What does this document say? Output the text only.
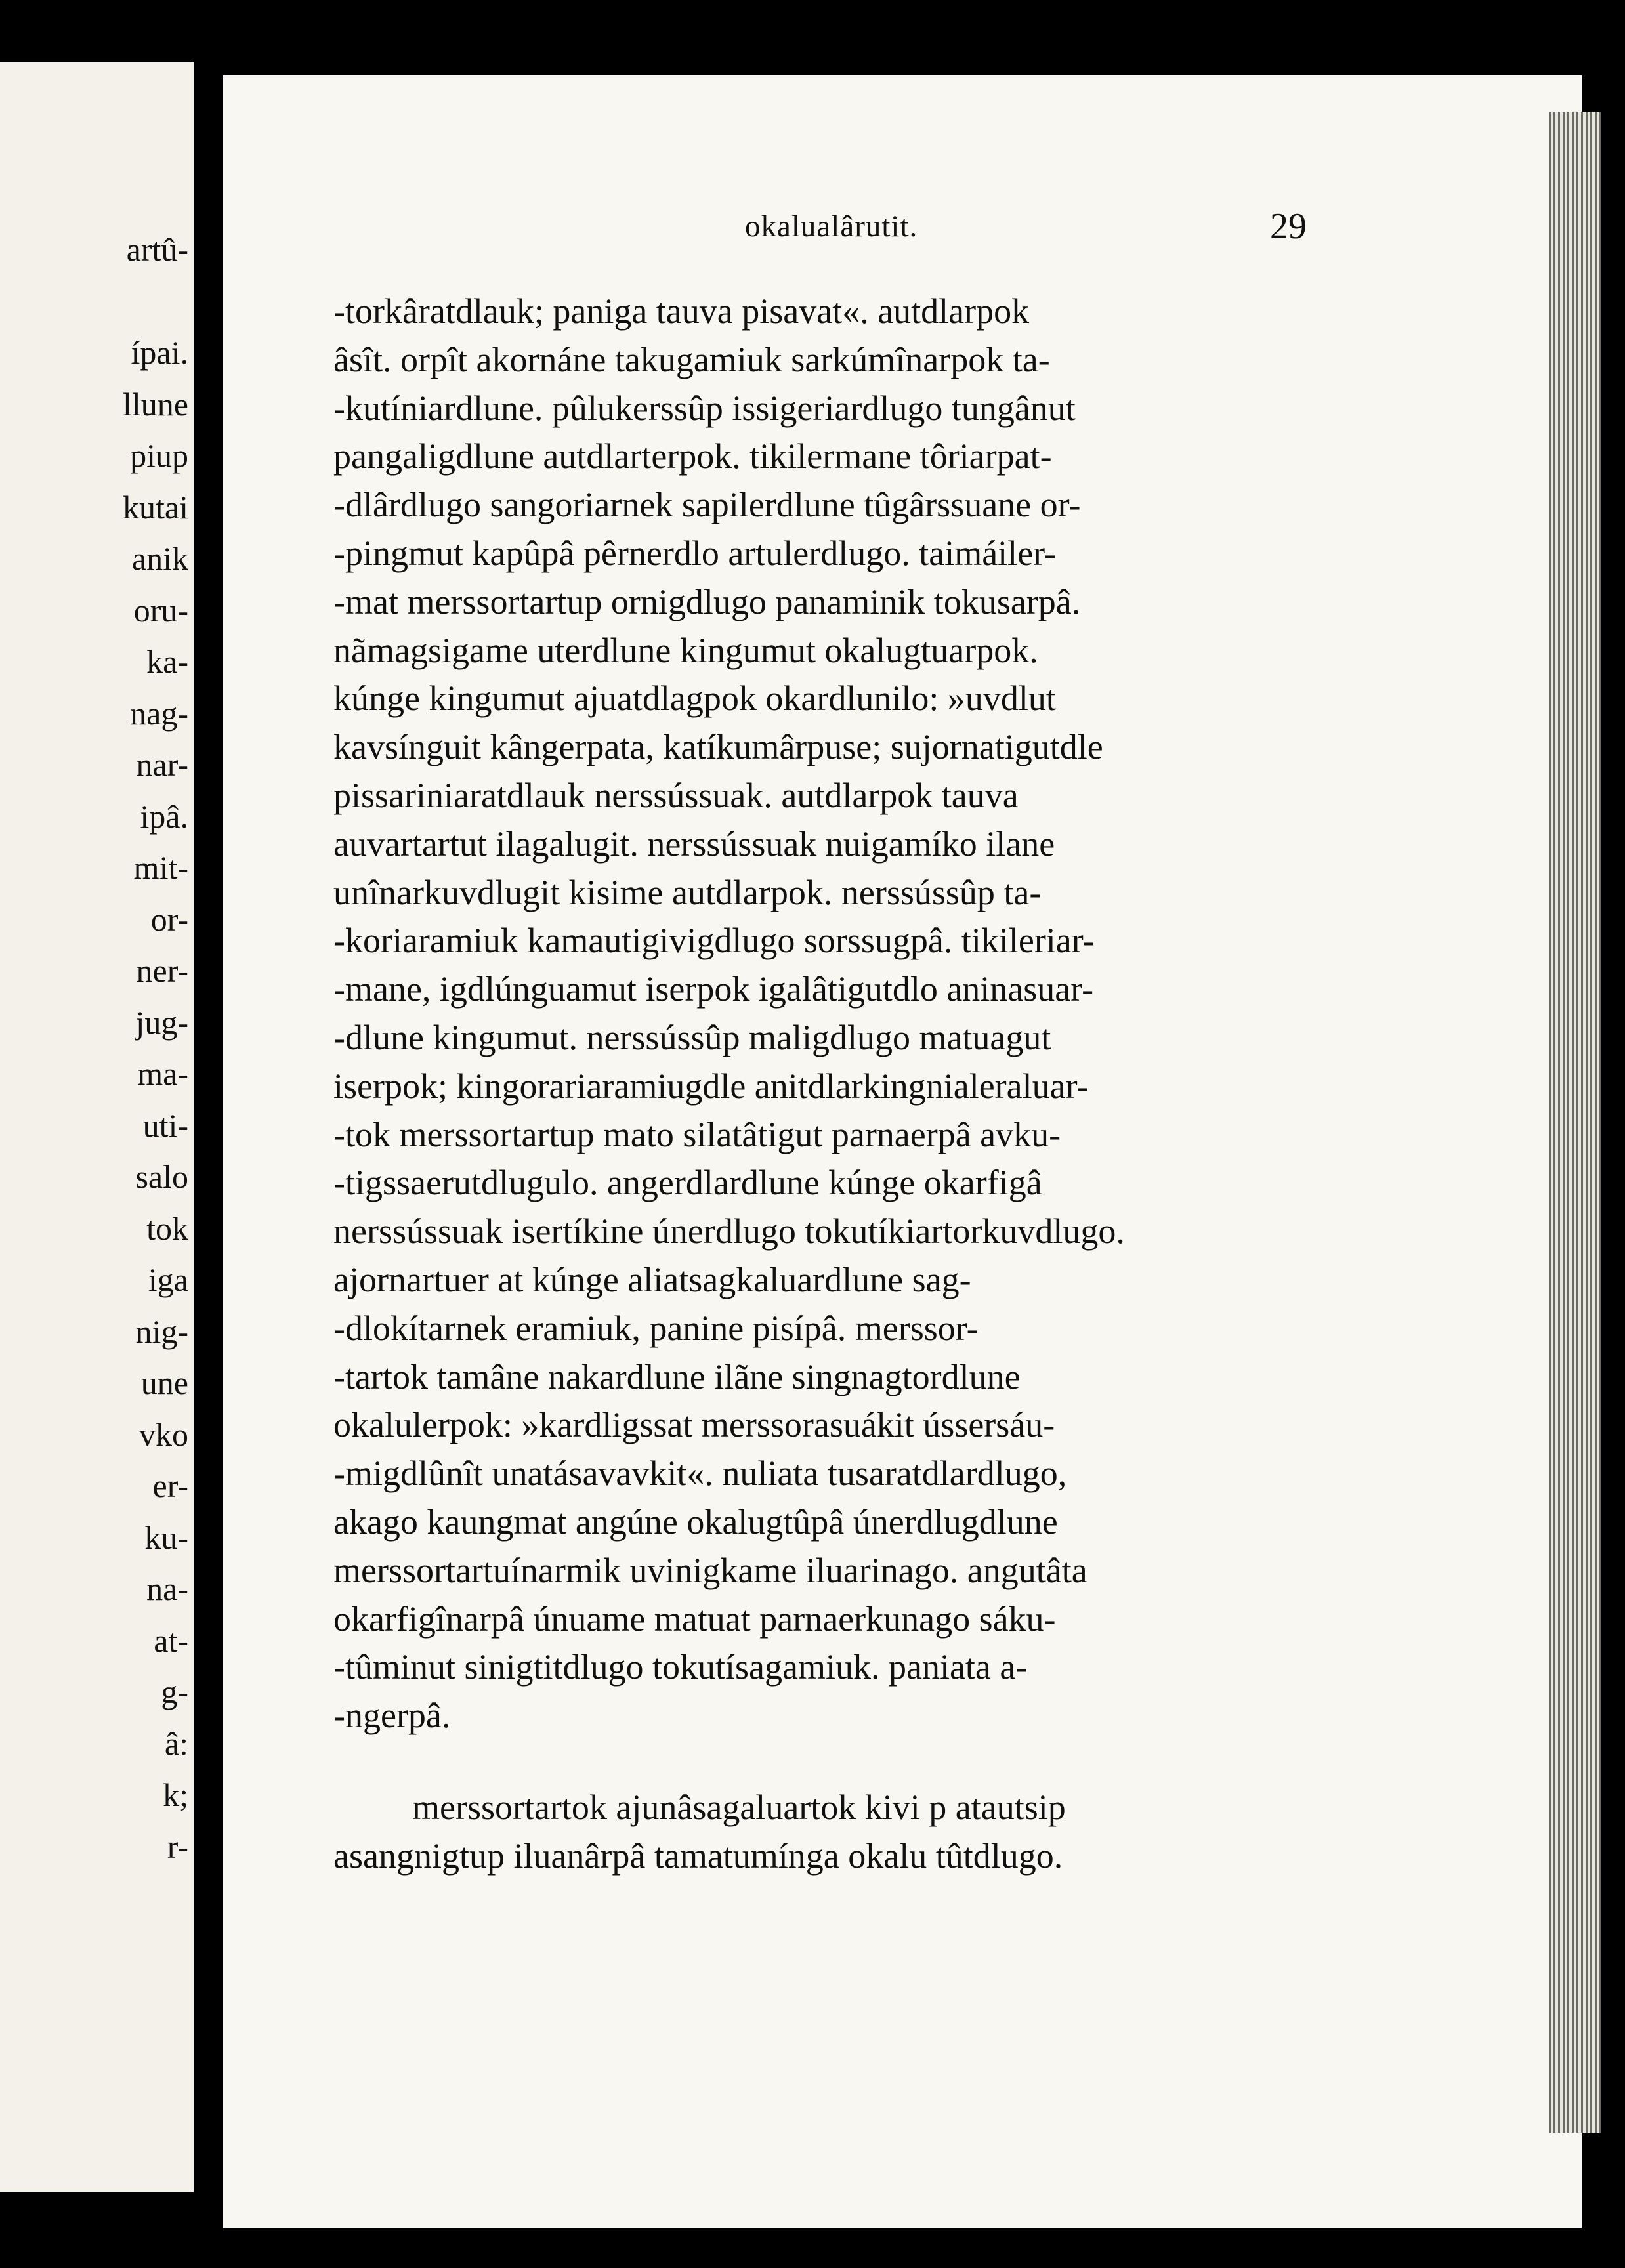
artû-
ípai.
llune
piup
kutai
anik
oru-
ka-
nag-
nar-
ipâ.
mit-
or-
ner-
jug-
ma-
uti-
salo
tok
iga
nig-
une
vko
er-
ku-
na-
at-
g-
â:
k;
r-
okalualârutit.	29
-torkâratdlauk; paniga tauva pisavat«. autdlarpok
âsît. orpît akornáne takugamiuk sarkúmînarpok ta-
-kutíniardlune. pûlukerssûp issigeriardlugo tungânut
pangaligdlune autdlarterpok. tikilermane tôriarpat-
-dlârdlugo sangoriarnek sapilerdlune tûgârssuane or-
-pingmut kapûpâ pêrnerdlo artulerdlugo. taimáiler-
-mat merssortartup ornigdlugo panaminik tokusarpâ.
nãmagsigame uterdlune kingumut okalugtuarpok.
kúnge kingumut ajuatdlagpok okardlunilo: »uvdlut
kavsínguit kângerpata, katíkumârpuse; sujornatigutdle
pissariniaratdlauk nerssússuak. autdlarpok tauva
auvartartut ilagalugit. nerssússuak nuigamíko ilane
unînarkuvdlugit kisime autdlarpok. nerssússûp ta-
-koriaramiuk kamautigivigdlugo sorssugpâ. tikileriar-
-mane, igdlúnguamut iserpok igalâtigutdlo aninasuar-
-dlune kingumut. nerssússûp maligdlugo matuagut
iserpok; kingorariaramiugdle anitdlarkingnialeraluar-
-tok merssortartup mato silatâtigut parnaerpâ avku-
-tigssaerutdlugulo. angerdlardlune kúnge okarfigâ
nerssússuak isertíkine únerdlugo tokutíkiartorkuvdlugo.
ajornartuer at kúnge aliatsagkaluardlune sag-
-dlokítarnek eramiuk, panine pisípâ. merssor-
-tartok tamâne nakardlune ilãne singnagtordlune
okalulerpok: »kardligssat merssorasuákit ússersáu-
-migdlûnît unatásavavkit«. nuliata tusaratdlardlugo,
akago kaungmat angúne okalugtûpâ únerdlugdlune
merssortartuínarmik uvinigkame iluarinago. angutâta
okarfigînarpâ únuame matuat parnaerkunago sáku-
-tûminut sinigtitdlugo tokutísagamiuk. paniata a-
-ngerpâ.
merssortartok ajunâsagaluartok kivi p atautsip
asangnigtup iluanârpâ tamatumínga okalu tûtdlugo.
